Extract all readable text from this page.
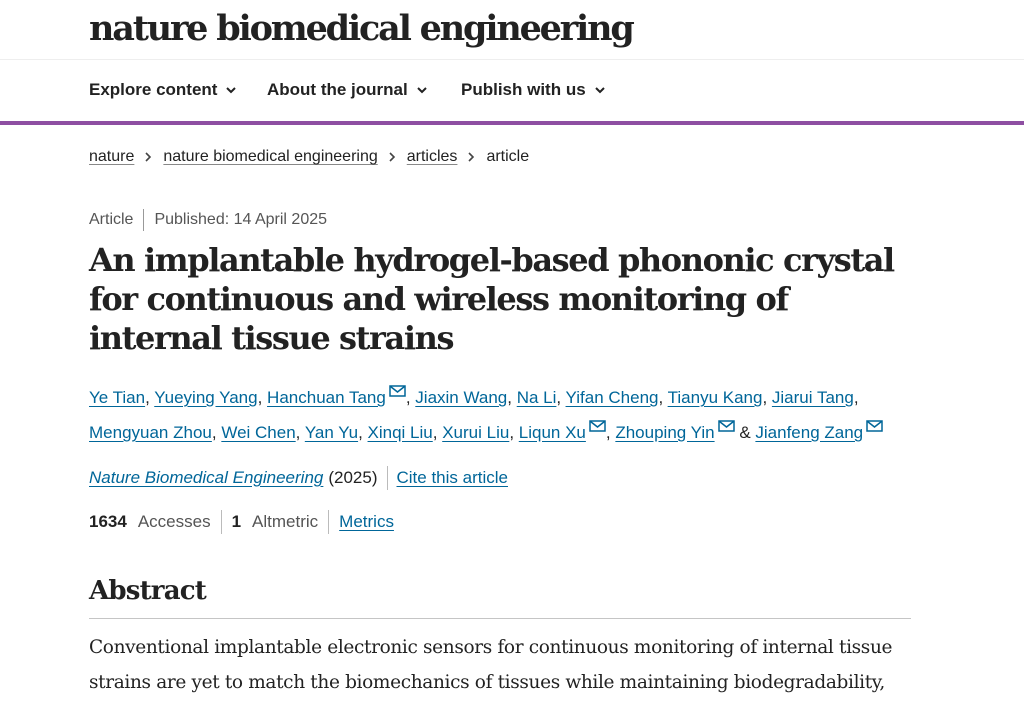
nature biomedical engineering
Explore content	About the journal	Publish with us
nature nature biomedical engineering articles article
Article Published: 14 April 2025
An implantable hydrogel-based phononic crystal for continuous and wireless monitoring of internal tissue strains
Ye Tian, Yueying Yang, Hanchuan Tang , Jiaxin Wang, Na Li, Yifan Cheng, Tianyu Kang, Jiarui Tang, Mengyuan Zhou, Wei Chen, Yan Yu, Xinqi Liu, Xurui Liu, Liqun Xu , Zhouping Yin & Jianfeng Zang
Nature Biomedical Engineering (2025) Cite this article
1634 Accesses 1 Altmetric Metrics
Abstract

Conventional implantable electronic sensors for continuous monitoring of internal tissue strains are yet to match the biomechanics of tissues while maintaining biodegradability,
